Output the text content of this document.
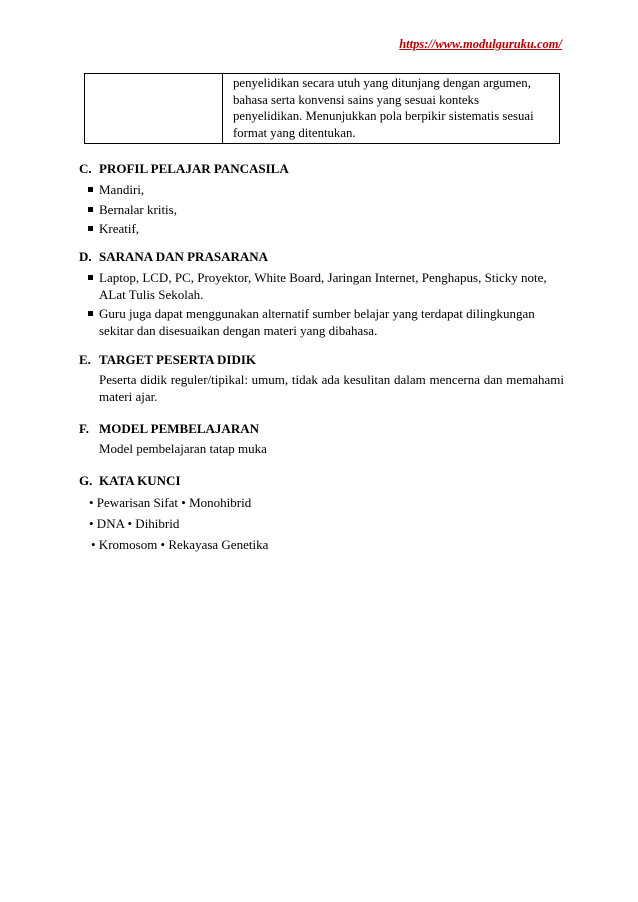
https://www.modulguruku.com/

penyelidikan secara utuh yang ditunjang dengan argumen,
bahasa serta konvensi sains yang sesuai konteks
penyelidikan. Menunjukkan pola berpikir sistematis sesuai
format yang ditentukan.
C. PROFIL PELAJAR PANCASILA
Mandiri,
Bernalar kritis,
Kreatif,
D. SARANA DAN PRASARANA
Laptop, LCD, PC, Proyektor, White Board, Jaringan Internet, Penghapus, Sticky note, ALat Tulis Sekolah.
Guru juga dapat menggunakan alternatif sumber belajar yang terdapat dilingkungan sekitar dan disesuaikan dengan materi yang dibahasa.
E. TARGET PESERTA DIDIK
Peserta didik reguler/tipikal: umum, tidak ada kesulitan dalam mencerna dan memahami materi ajar.
F. MODEL PEMBELAJARAN
Model pembelajaran tatap muka
G. KATA KUNCI
• Pewarisan Sifat • Monohibrid
• DNA • Dihibrid
• Kromosom • Rekayasa Genetika
